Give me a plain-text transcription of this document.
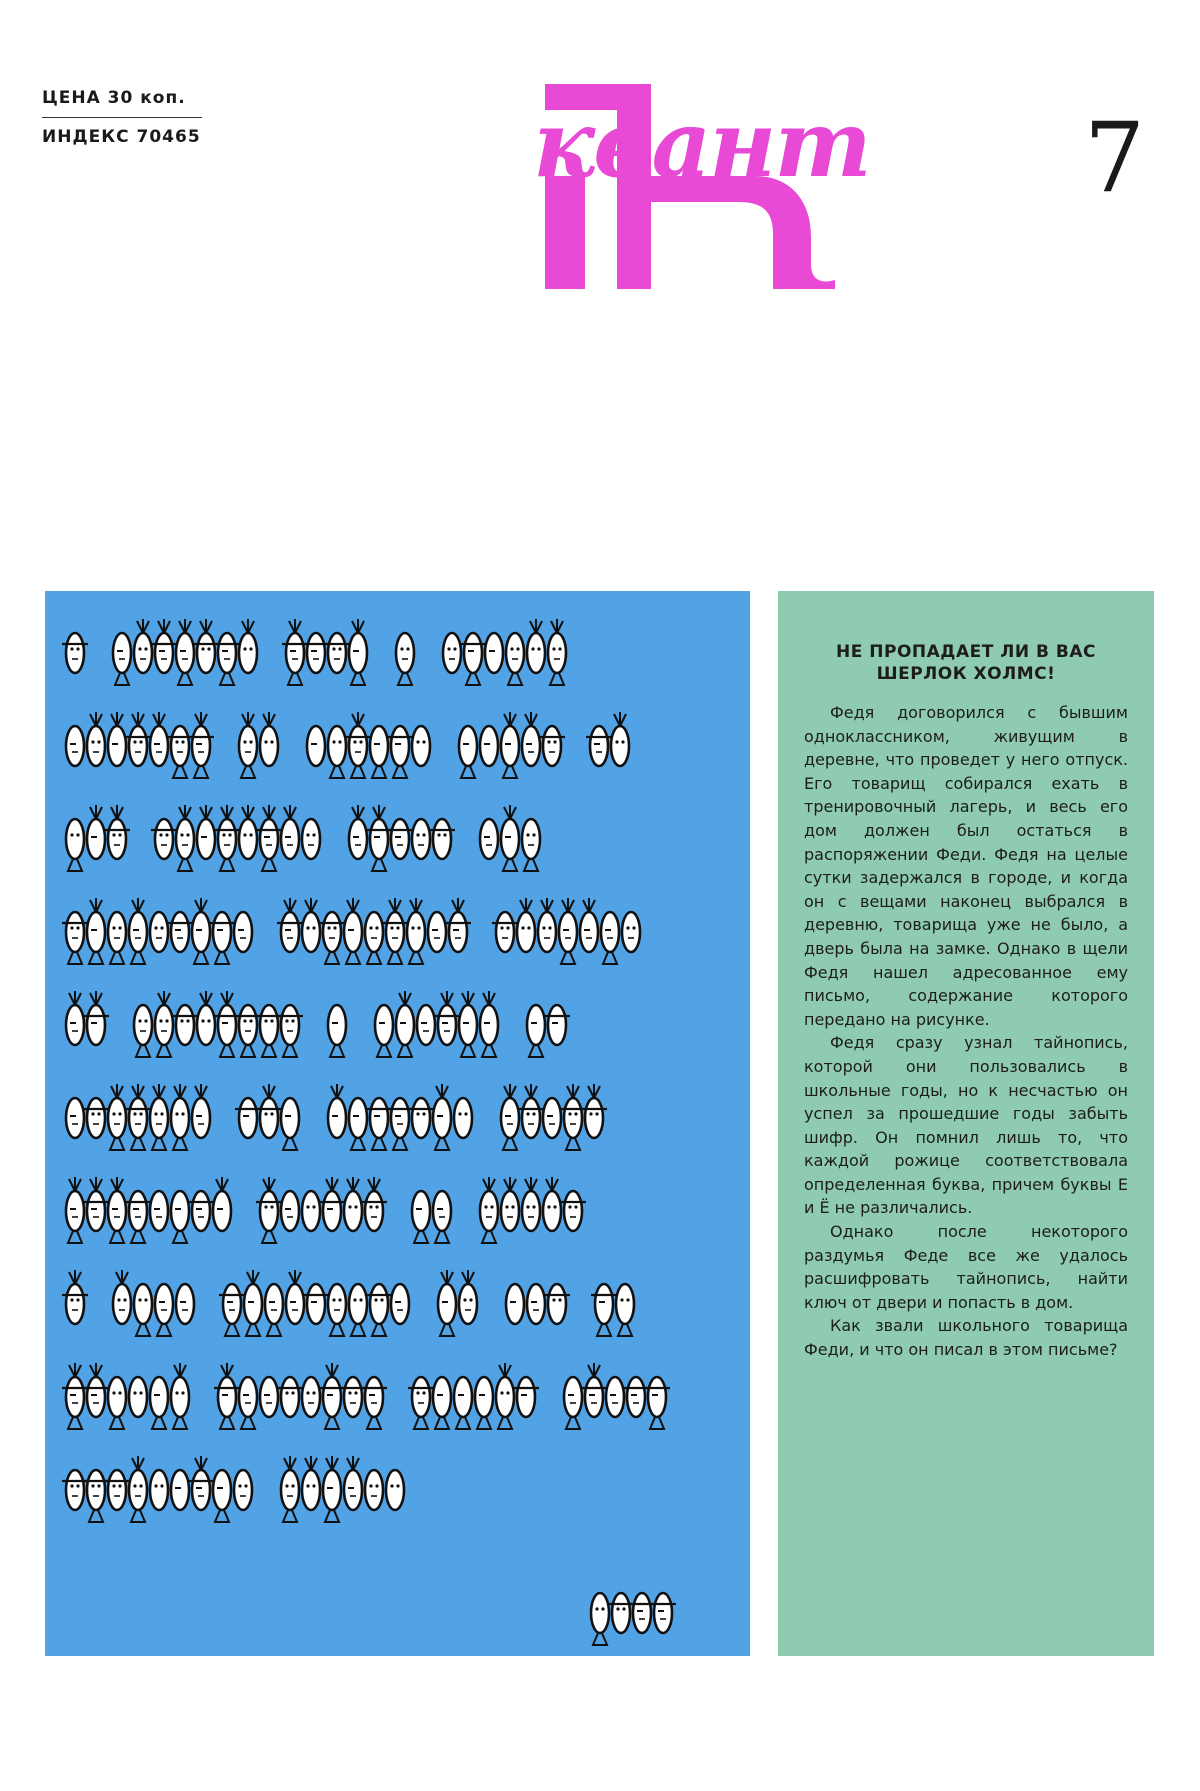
ЦЕНА 30 коп.
ИНДЕКС 70465	квант 7
НЕ ПРОПАДАЕТ ЛИ В ВАС
ШЕРЛОК ХОЛМС!

Федя договорился с бывшим одноклассником, живущим в деревне, что проведет у него отпуск. Его товарищ собирался ехать в тренировочный лагерь, и весь его дом должен был остаться в распоряжении Феди. Федя на целые сутки задержался в городе, и когда он с вещами наконец выбрался в деревню, товарища уже не было, а дверь была на замке. Однако в щели Федя нашел адресованное ему письмо, содержание которого передано на рисунке.

Федя сразу узнал тайнопись, которой они пользовались в школьные годы, но к несчастью он успел за прошедшие годы забыть шифр. Он помнил лишь то, что каждой рожице соответствовала определенная буква, причем буквы Е и Ё не различались.

Однако после некоторого раздумья Феде все же удалось расшифровать тайнопись, найти ключ от двери и попасть в дом.

Как звали школьного товарища Феди, и что он писал в этом письме?
